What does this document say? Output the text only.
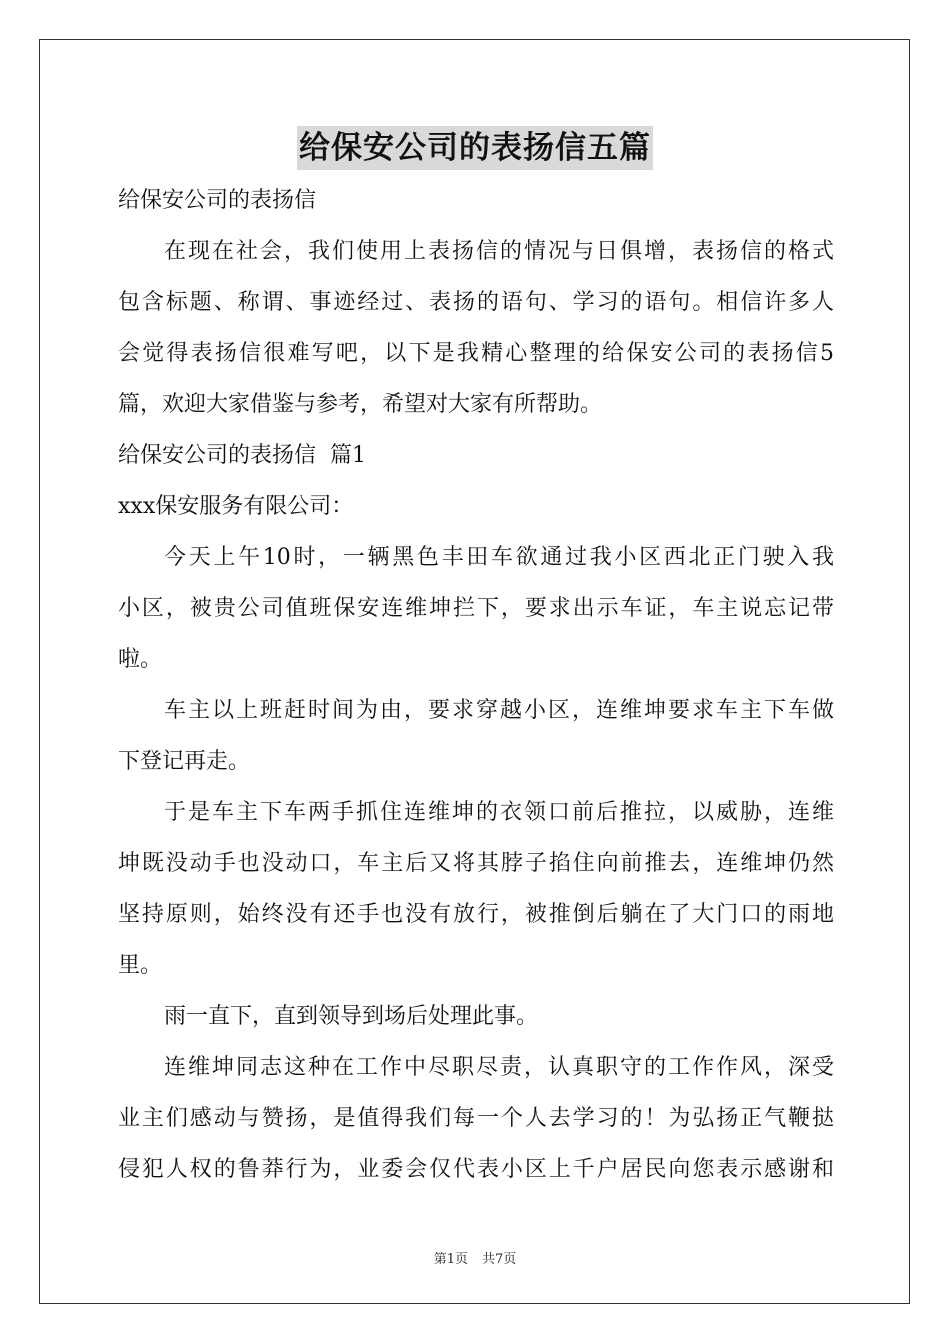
给保安公司的表扬信五篇
给保安公司的表扬信
在现在社会，我们使用上表扬信的情况与日俱增，表扬信的格式
包含标题、称谓、事迹经过、表扬的语句、学习的语句。相信许多人
会觉得表扬信很难写吧，以下是我精心整理的给保安公司的表扬信5
篇，欢迎大家借鉴与参考，希望对大家有所帮助。
给保安公司的表扬信  篇1
xxx保安服务有限公司：
今天上午10时，一辆黑色丰田车欲通过我小区西北正门驶入我
小区，被贵公司值班保安连维坤拦下，要求出示车证，车主说忘记带
啦。
车主以上班赶时间为由，要求穿越小区，连维坤要求车主下车做
下登记再走。
于是车主下车两手抓住连维坤的衣领口前后推拉，以威胁，连维
坤既没动手也没动口，车主后又将其脖子掐住向前推去，连维坤仍然
坚持原则，始终没有还手也没有放行，被推倒后躺在了大门口的雨地
里。
雨一直下，直到领导到场后处理此事。
连维坤同志这种在工作中尽职尽责，认真职守的工作作风，深受
业主们感动与赞扬，是值得我们每一个人去学习的！为弘扬正气鞭挞
侵犯人权的鲁莽行为，业委会仅代表小区上千户居民向您表示感谢和
第1页 共7页
